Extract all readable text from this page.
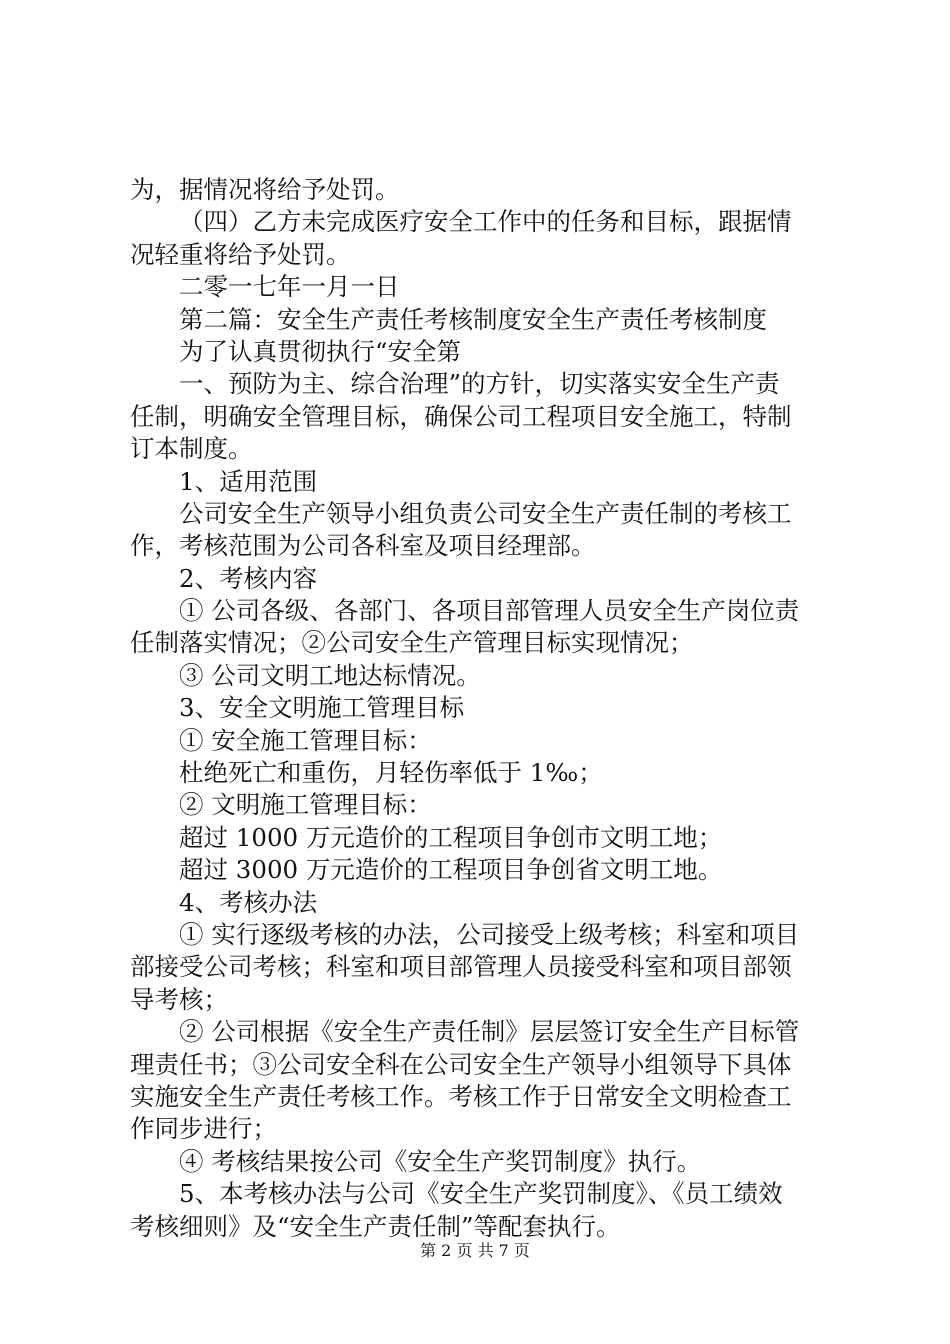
为，据情况将给予处罚。
（四）乙方未完成医疗安全工作中的任务和目标，跟据情
况轻重将给予处罚。
二零一七年一月一日
第二篇：安全生产责任考核制度安全生产责任考核制度
为了认真贯彻执行“安全第
一、预防为主、综合治理”的方针，切实落实安全生产责
任制，明确安全管理目标，确保公司工程项目安全施工，特制
订本制度。
1、适用范围
公司安全生产领导小组负责公司安全生产责任制的考核工
作，考核范围为公司各科室及项目经理部。
2、考核内容
① 公司各级、各部门、各项目部管理人员安全生产岗位责
任制落实情况；②公司安全生产管理目标实现情况；
③ 公司文明工地达标情况。
3、安全文明施工管理目标
① 安全施工管理目标：
杜绝死亡和重伤，月轻伤率低于 1‰；
② 文明施工管理目标：
超过 1000 万元造价的工程项目争创市文明工地；
超过 3000 万元造价的工程项目争创省文明工地。
4、考核办法
① 实行逐级考核的办法，公司接受上级考核；科室和项目
部接受公司考核；科室和项目部管理人员接受科室和项目部领
导考核；
② 公司根据《安全生产责任制》层层签订安全生产目标管
理责任书；③公司安全科在公司安全生产领导小组领导下具体
实施安全生产责任考核工作。考核工作于日常安全文明检查工
作同步进行；
④ 考核结果按公司《安全生产奖罚制度》执行。
5、本考核办法与公司《安全生产奖罚制度》、《员工绩效
考核细则》及“安全生产责任制”等配套执行。
第 2 页 共 7 页
